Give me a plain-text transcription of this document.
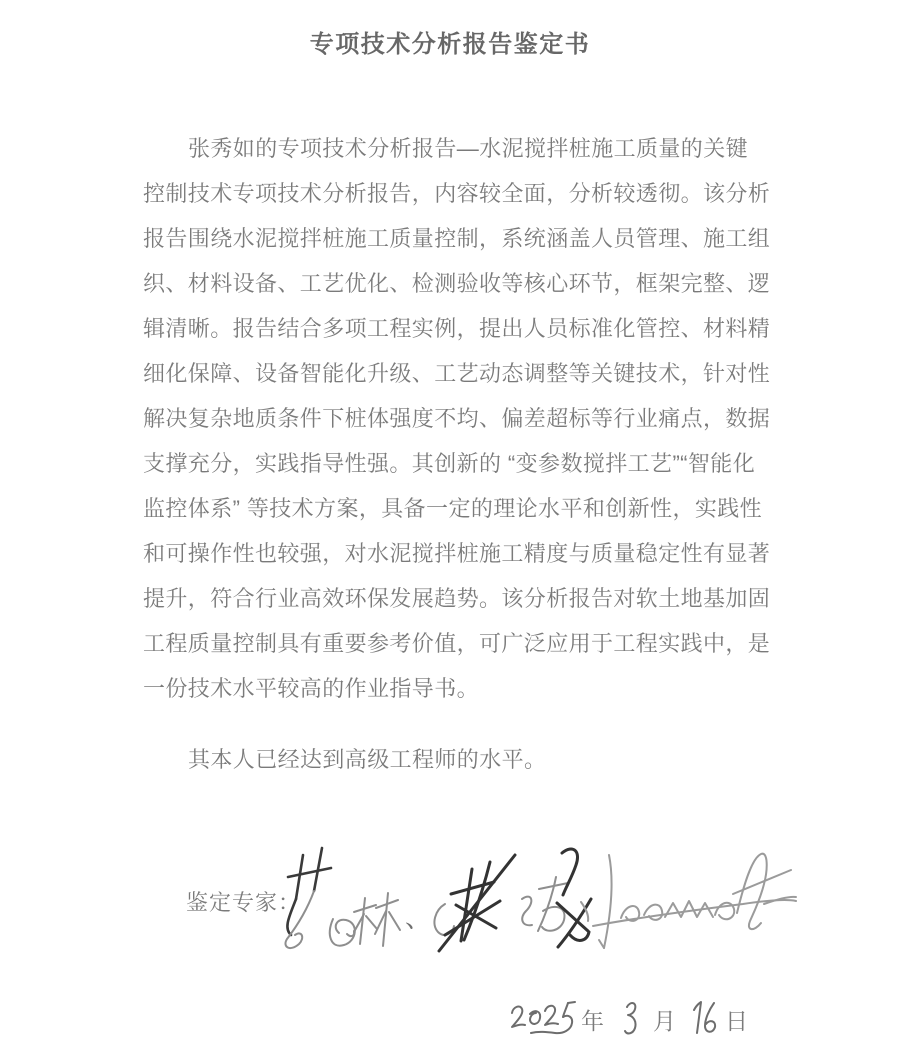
专项技术分析报告鉴定书
张秀如的专项技术分析报告—水泥搅拌桩施工质量的关键
控制技术专项技术分析报告，内容较全面，分析较透彻。该分析
报告围绕水泥搅拌桩施工质量控制，系统涵盖人员管理、施工组
织、材料设备、工艺优化、检测验收等核心环节，框架完整、逻
辑清晰。报告结合多项工程实例，提出人员标准化管控、材料精
细化保障、设备智能化升级、工艺动态调整等关键技术，针对性
解决复杂地质条件下桩体强度不均、偏差超标等行业痛点，数据
支撑充分，实践指导性强。其创新的 “变参数搅拌工艺”“智能化
监控体系” 等技术方案，具备一定的理论水平和创新性，实践性
和可操作性也较强，对水泥搅拌桩施工精度与质量稳定性有显著
提升，符合行业高效环保发展趋势。该分析报告对软土地基加固
工程质量控制具有重要参考价值，可广泛应用于工程实践中，是
一份技术水平较高的作业指导书。
其本人已经达到高级工程师的水平。
鉴定专家：
、
年 月 日
